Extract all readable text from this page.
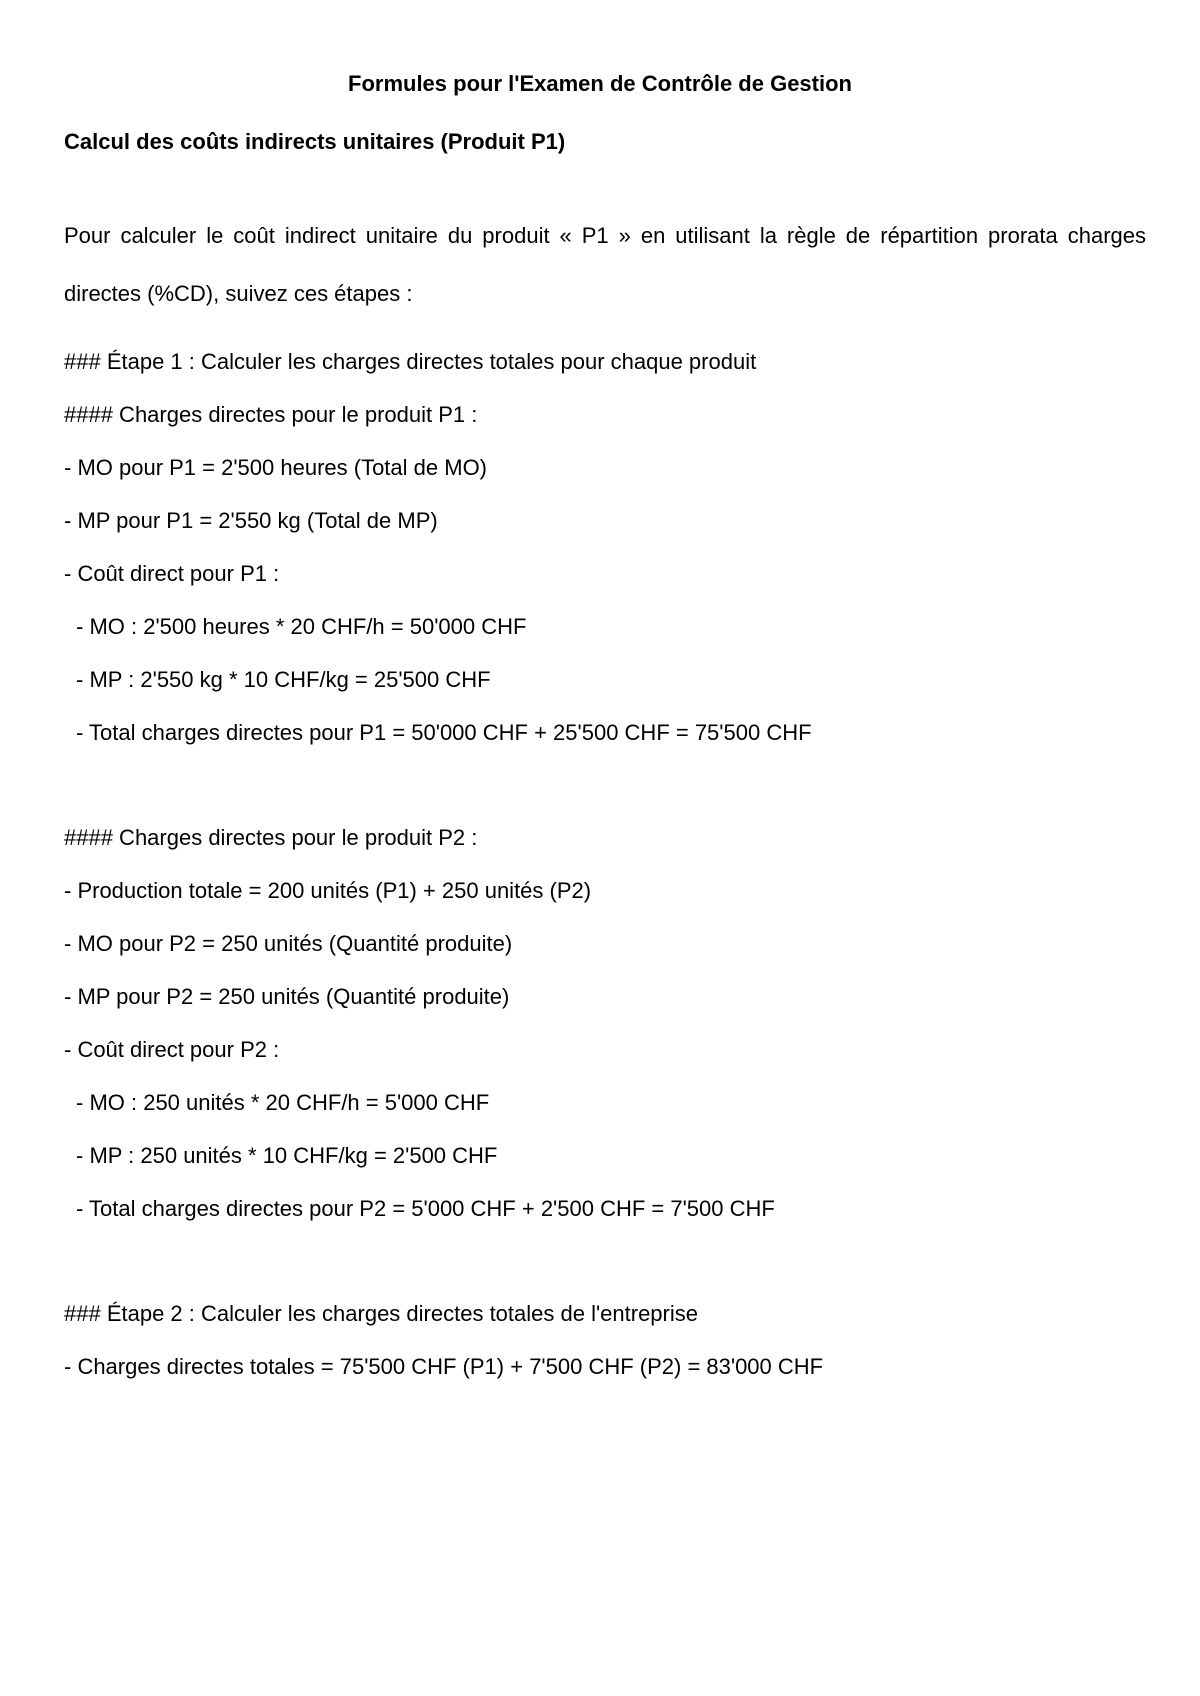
Formules pour l'Examen de Contrôle de Gestion
Calcul des coûts indirects unitaires (Produit P1)
Pour calculer le coût indirect unitaire du produit « P1 » en utilisant la règle de répartition prorata charges directes (%CD), suivez ces étapes :
### Étape 1 : Calculer les charges directes totales pour chaque produit
#### Charges directes pour le produit P1 :
- MO pour P1 = 2'500 heures (Total de MO)
- MP pour P1 = 2'550 kg (Total de MP)
- Coût direct pour P1 :
- MO : 2'500 heures * 20 CHF/h = 50'000 CHF
- MP : 2'550 kg * 10 CHF/kg = 25'500 CHF
- Total charges directes pour P1 = 50'000 CHF + 25'500 CHF = 75'500 CHF
#### Charges directes pour le produit P2 :
- Production totale = 200 unités (P1) + 250 unités (P2)
- MO pour P2 = 250 unités (Quantité produite)
- MP pour P2 = 250 unités (Quantité produite)
- Coût direct pour P2 :
- MO : 250 unités * 20 CHF/h = 5'000 CHF
- MP : 250 unités * 10 CHF/kg = 2'500 CHF
- Total charges directes pour P2 = 5'000 CHF + 2'500 CHF = 7'500 CHF
### Étape 2 : Calculer les charges directes totales de l'entreprise
- Charges directes totales = 75'500 CHF (P1) + 7'500 CHF (P2) = 83'000 CHF
